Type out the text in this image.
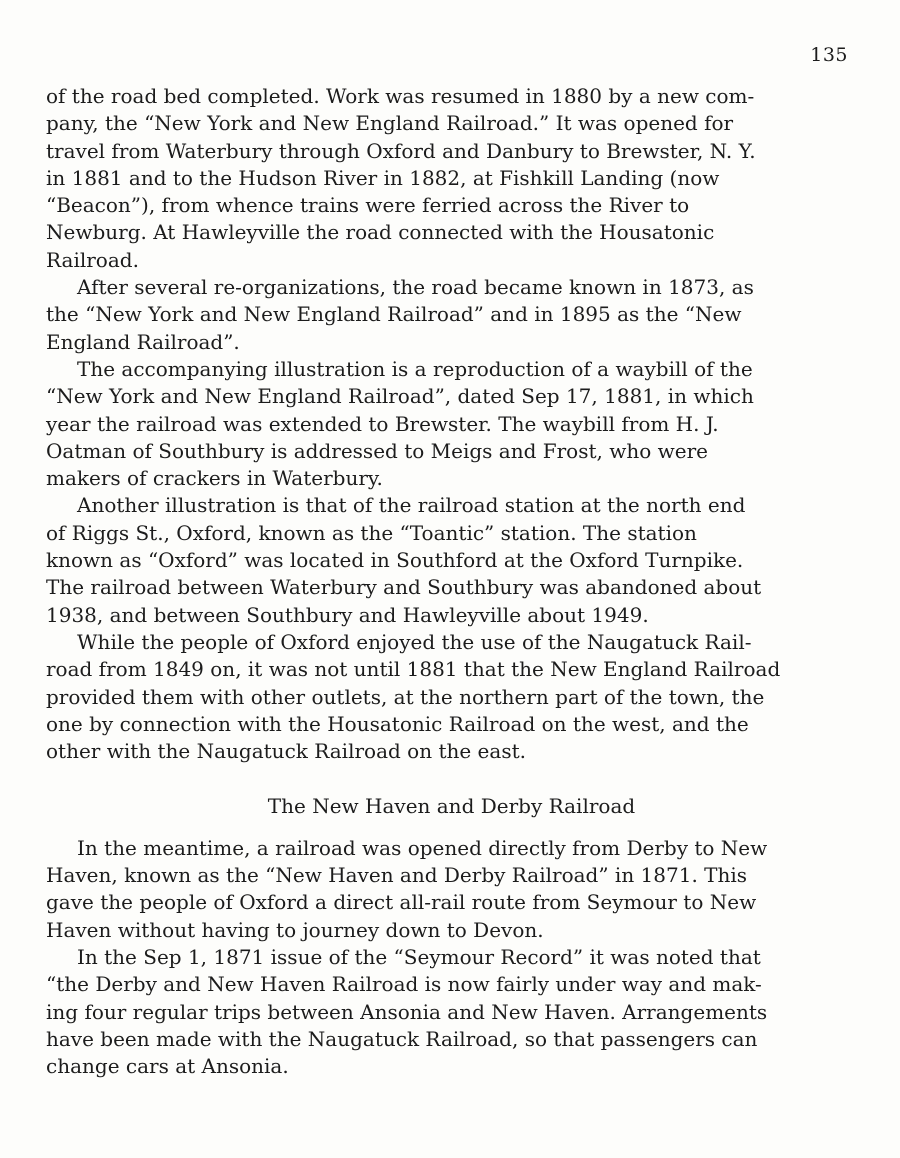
135

of the road bed completed. Work was resumed in 1880 by a new com-
pany, the “New York and New England Railroad.” It was opened for
travel from Waterbury through Oxford and Danbury to Brewster, N. Y.
in 1881 and to the Hudson River in 1882, at Fishkill Landing (now
“Beacon”), from whence trains were ferried across the River to
Newburg. At Hawleyville the road connected with the Housatonic
Railroad.

After several re-organizations, the road became known in 1873, as
the “New York and New England Railroad” and in 1895 as the “New
England Railroad”.

The accompanying illustration is a reproduction of a waybill of the
“New York and New England Railroad”, dated Sep 17, 1881, in which
year the railroad was extended to Brewster. The waybill from H. J.
Oatman of Southbury is addressed to Meigs and Frost, who were
makers of crackers in Waterbury.

Another illustration is that of the railroad station at the north end
of Riggs St., Oxford, known as the “Toantic” station. The station
known as “Oxford” was located in Southford at the Oxford Turnpike.
The railroad between Waterbury and Southbury was abandoned about
1938, and between Southbury and Hawleyville about 1949.

While the people of Oxford enjoyed the use of the Naugatuck Rail-
road from 1849 on, it was not until 1881 that the New England Railroad
provided them with other outlets, at the northern part of the town, the
one by connection with the Housatonic Railroad on the west, and the
other with the Naugatuck Railroad on the east.

The New Haven and Derby Railroad

In the meantime, a railroad was opened directly from Derby to New
Haven, known as the “New Haven and Derby Railroad” in 1871. This
gave the people of Oxford a direct all-rail route from Seymour to New
Haven without having to journey down to Devon.

In the Sep 1, 1871 issue of the “Seymour Record” it was noted that
“the Derby and New Haven Railroad is now fairly under way and mak-
ing four regular trips between Ansonia and New Haven. Arrangements
have been made with the Naugatuck Railroad, so that passengers can
change cars at Ansonia.
